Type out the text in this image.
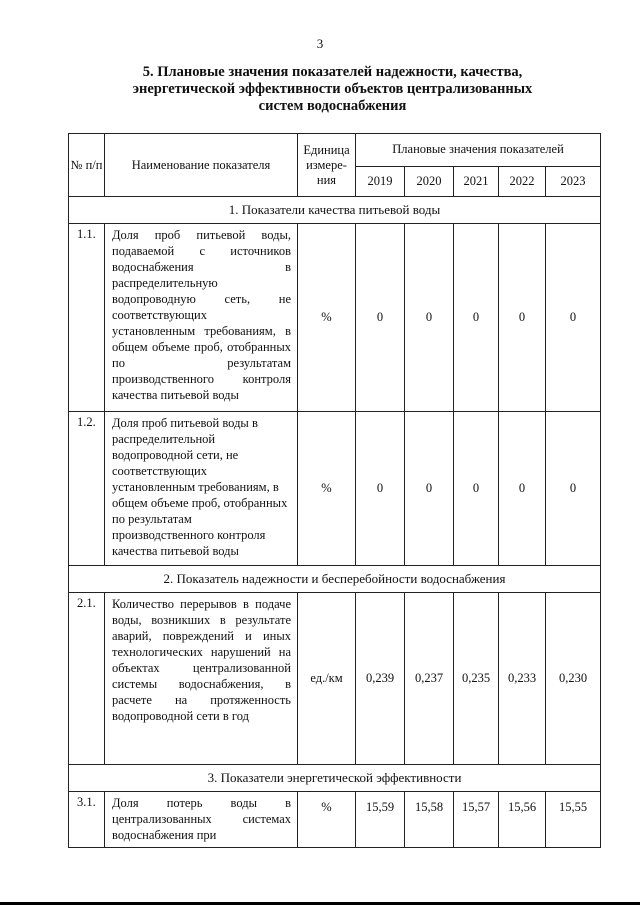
3
5. Плановые значения показателей надежности, качества,
энергетической эффективности объектов централизованных
систем водоснабжения
№ п/п	Наименование показателя	Единица измере-ния	Плановые значения показателей				
			2019	2020	2021	2022	2023
1. Показатели качества питьевой воды							
1.1.	Доля проб питьевой воды, подаваемой с источников водоснабжения в распределительную водопроводную сеть, не соответствующих установленным требованиям, в общем объеме проб, отобранных по результатам производственного контроля качества питьевой воды	%	0	0	0	0	0
1.2.	Доля проб питьевой воды в распределительной водопроводной сети, не соответствующих установленным требованиям, в общем объеме проб, отобранных по результатам производственного контроля качества питьевой воды	%	0	0	0	0	0
2. Показатель надежности и бесперебойности водоснабжения							
2.1.	Количество перерывов в подаче воды, возникших в результате аварий, повреждений и иных технологических нарушений на объектах централизованной системы водоснабжения, в расчете на протяженность водопроводной сети в год	ед./км	0,239	0,237	0,235	0,233	0,230
3. Показатели энергетической эффективности							
3.1.	Доля потерь воды в централизованных системах водоснабжения при	%	15,59	15,58	15,57	15,56	15,55
